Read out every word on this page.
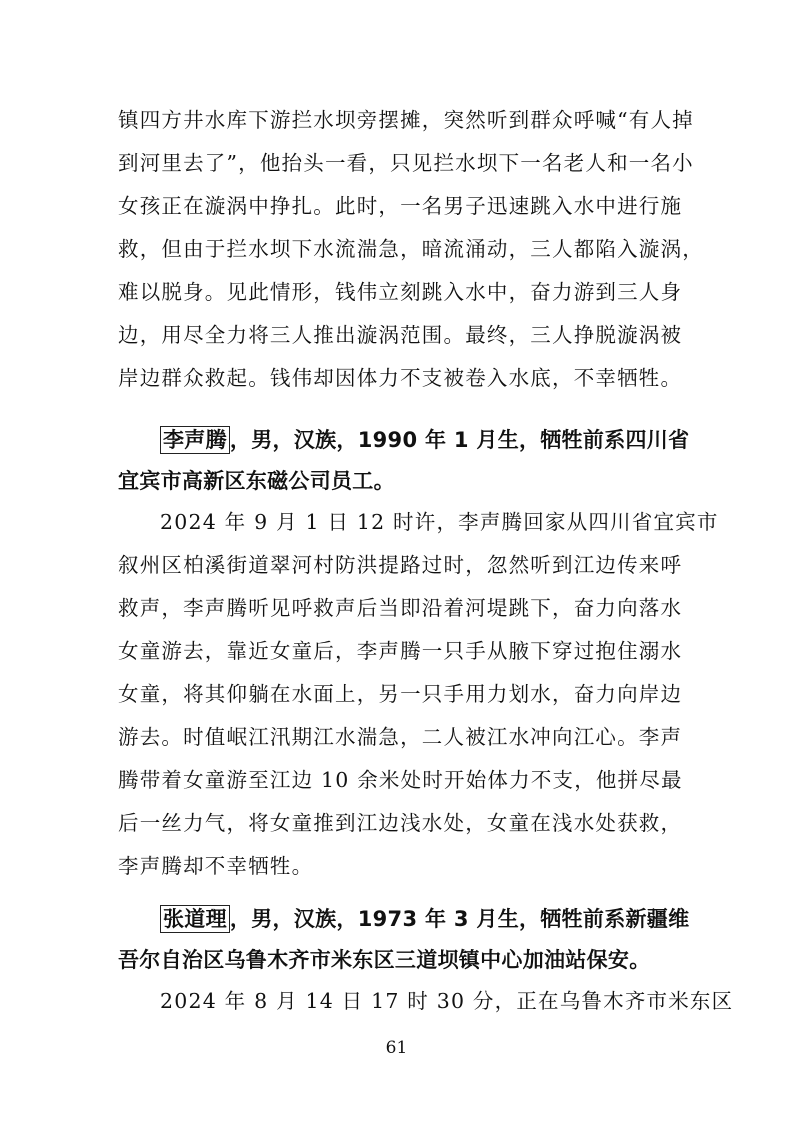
镇四方井水库下游拦水坝旁摆摊，突然听到群众呼喊“有人掉
到河里去了”，他抬头一看，只见拦水坝下一名老人和一名小
女孩正在漩涡中挣扎。此时，一名男子迅速跳入水中进行施
救，但由于拦水坝下水流湍急，暗流涌动，三人都陷入漩涡，
难以脱身。见此情形，钱伟立刻跳入水中，奋力游到三人身
边，用尽全力将三人推出漩涡范围。最终，三人挣脱漩涡被
岸边群众救起。钱伟却因体力不支被卷入水底，不幸牺牲。
李声腾 ，男，汉族，1990 年 1 月生，牺牲前系四川省
宜宾市高新区东磁公司员工。
2024 年 9 月 1 日 12 时许，李声腾回家从四川省宜宾市
叙州区柏溪街道翠河村防洪提路过时，忽然听到江边传来呼
救声，李声腾听见呼救声后当即沿着河堤跳下，奋力向落水
女童游去，靠近女童后，李声腾一只手从腋下穿过抱住溺水
女童，将其仰躺在水面上，另一只手用力划水，奋力向岸边
游去。时值岷江汛期江水湍急，二人被江水冲向江心。李声
腾带着女童游至江边 10 余米处时开始体力不支，他拼尽最
后一丝力气，将女童推到江边浅水处，女童在浅水处获救，
李声腾却不幸牺牲。
张道理 ，男，汉族，1973 年 3 月生，牺牲前系新疆维
吾尔自治区乌鲁木齐市米东区三道坝镇中心加油站保安。
2024 年 8 月 14 日 17 时 30 分，正在乌鲁木齐市米东区
61
